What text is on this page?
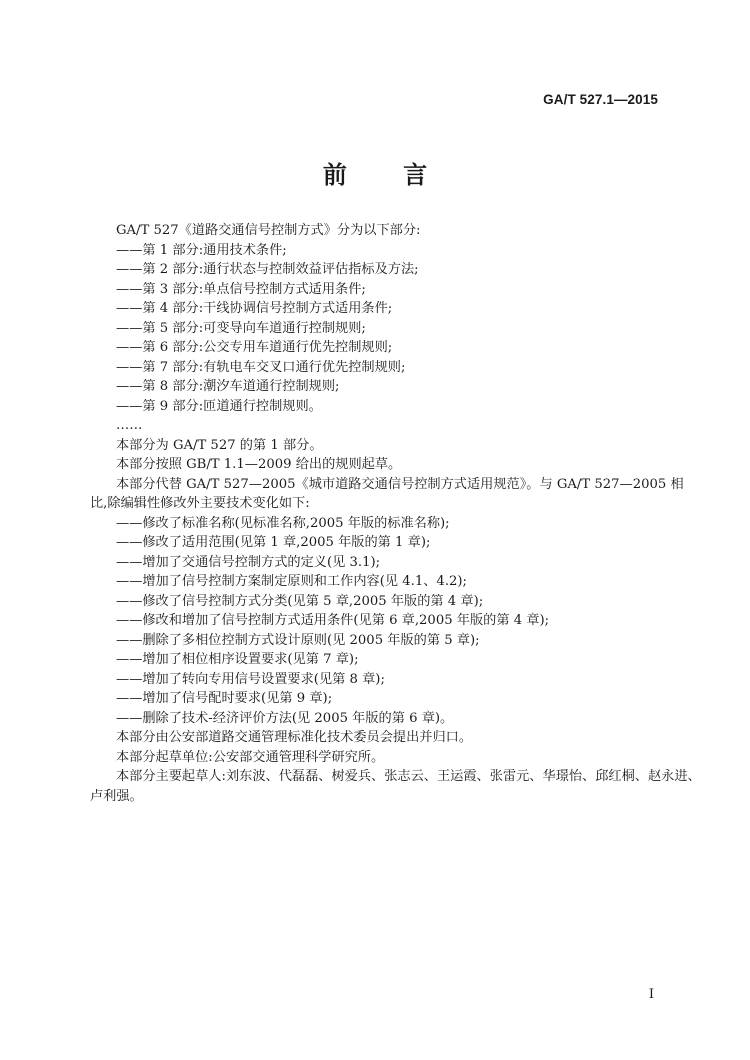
GA/T 527.1—2015
前 言
GA/T 527《道路交通信号控制方式》分为以下部分:
——第 1 部分:通用技术条件;
——第 2 部分:通行状态与控制效益评估指标及方法;
——第 3 部分:单点信号控制方式适用条件;
——第 4 部分:干线协调信号控制方式适用条件;
——第 5 部分:可变导向车道通行控制规则;
——第 6 部分:公交专用车道通行优先控制规则;
——第 7 部分:有轨电车交叉口通行优先控制规则;
——第 8 部分:潮汐车道通行控制规则;
——第 9 部分:匝道通行控制规则。
……
本部分为 GA/T 527 的第 1 部分。
本部分按照 GB/T 1.1—2009 给出的规则起草。
本部分代替 GA/T 527—2005《城市道路交通信号控制方式适用规范》。与 GA/T 527—2005 相
比,除编辑性修改外主要技术变化如下:
——修改了标准名称(见标准名称,2005 年版的标准名称);
——修改了适用范围(见第 1 章,2005 年版的第 1 章);
——增加了交通信号控制方式的定义(见 3.1);
——增加了信号控制方案制定原则和工作内容(见 4.1、4.2);
——修改了信号控制方式分类(见第 5 章,2005 年版的第 4 章);
——修改和增加了信号控制方式适用条件(见第 6 章,2005 年版的第 4 章);
——删除了多相位控制方式设计原则(见 2005 年版的第 5 章);
——增加了相位相序设置要求(见第 7 章);
——增加了转向专用信号设置要求(见第 8 章);
——增加了信号配时要求(见第 9 章);
——删除了技术-经济评价方法(见 2005 年版的第 6 章)。
本部分由公安部道路交通管理标准化技术委员会提出并归口。
本部分起草单位:公安部交通管理科学研究所。
本部分主要起草人:刘东波、代磊磊、树爱兵、张志云、王运霞、张雷元、华璟怡、邱红桐、赵永进、
卢利强。
I
